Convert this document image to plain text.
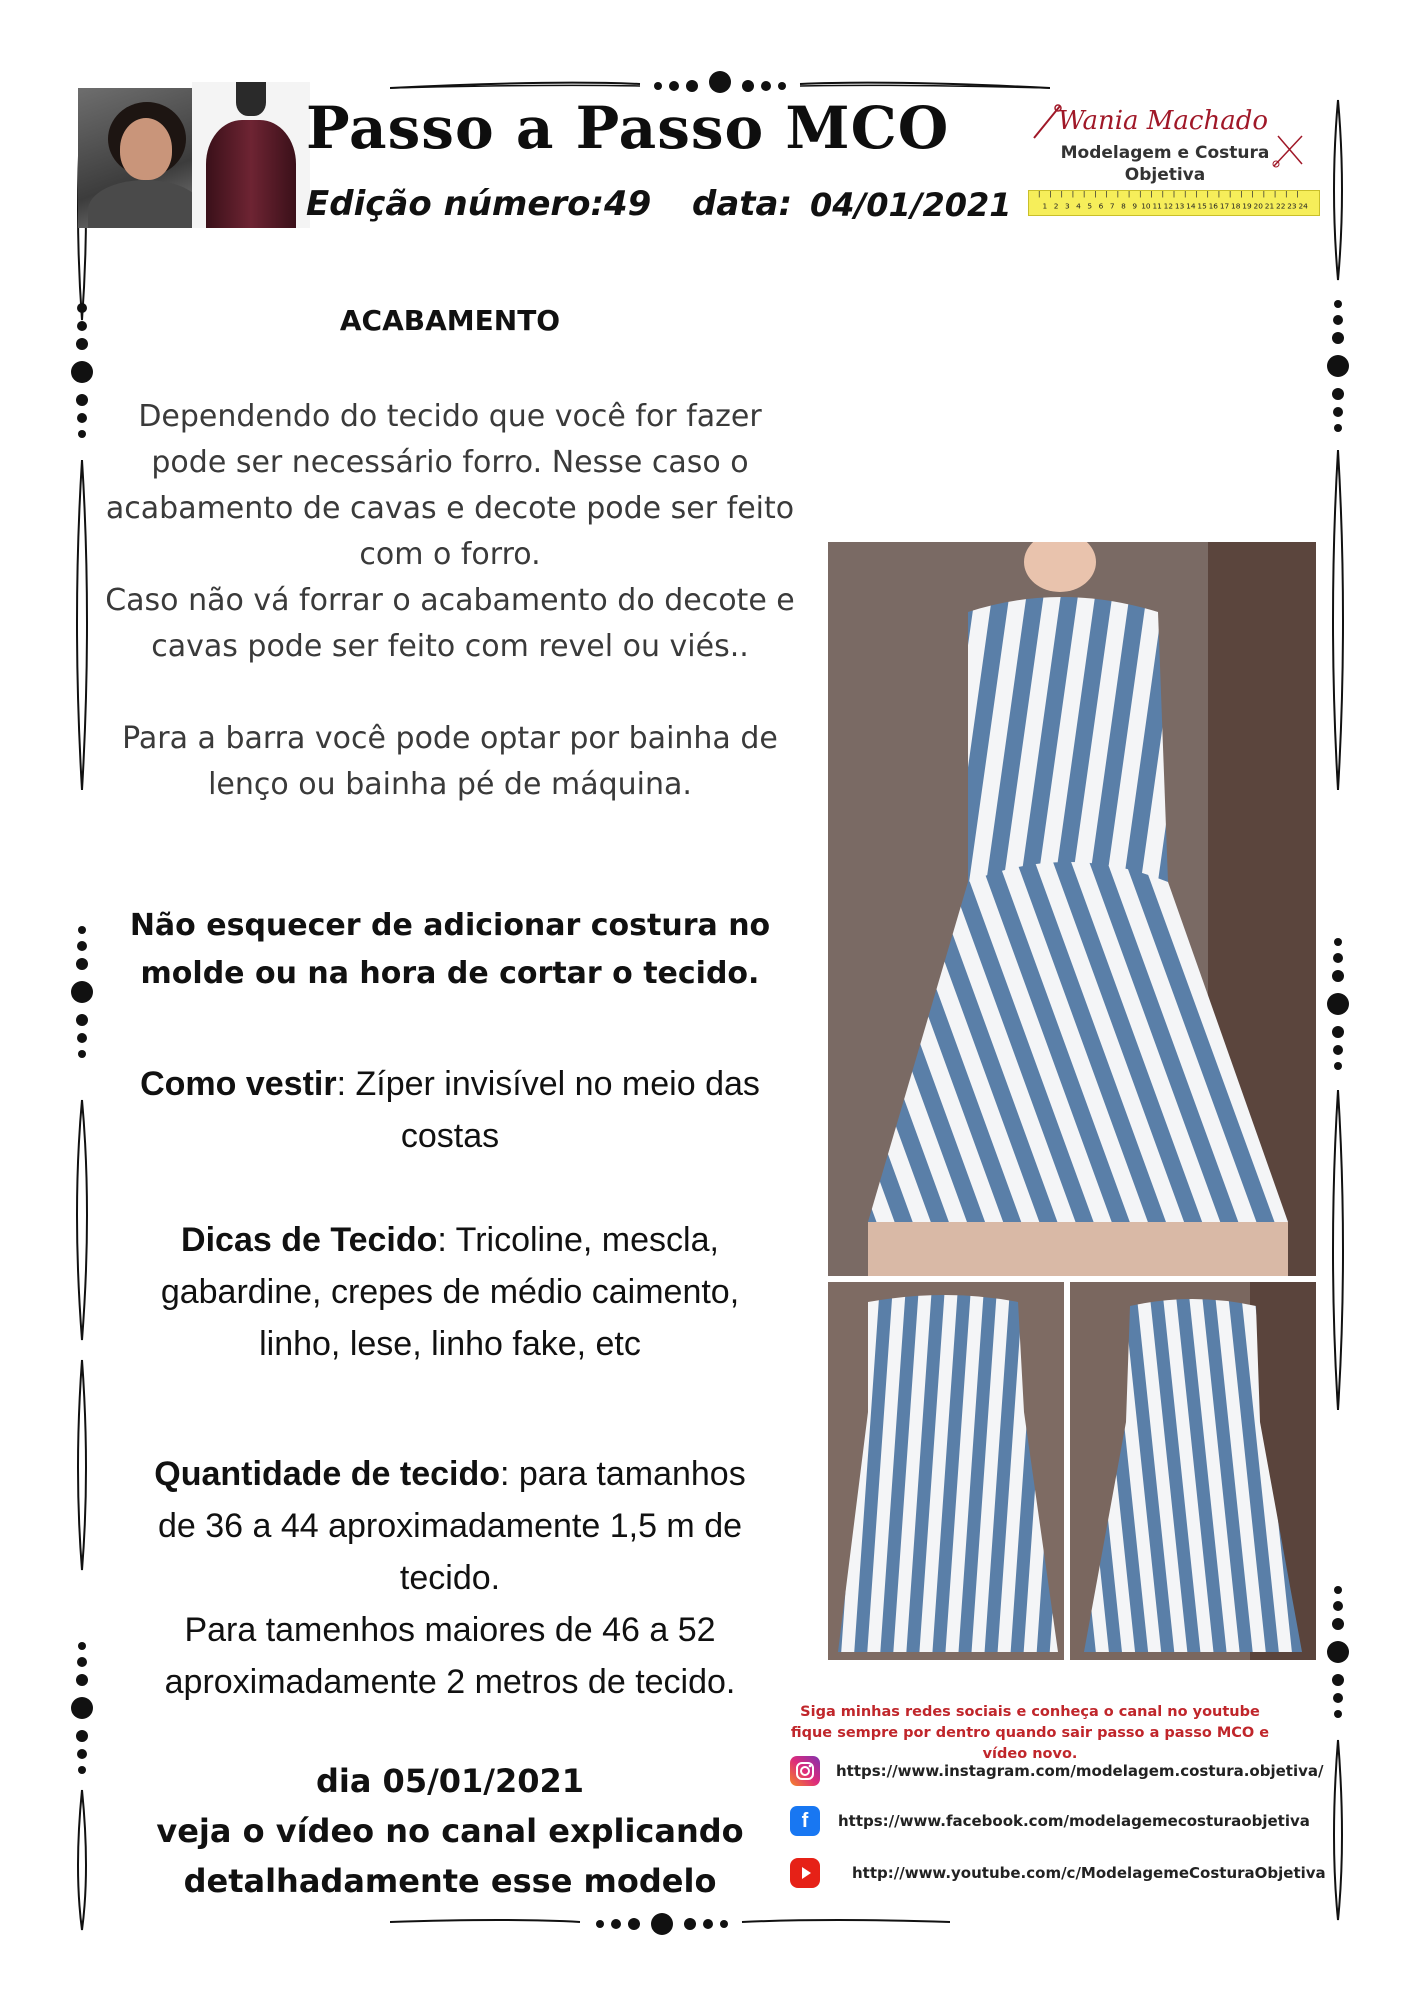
Passo a Passo MCO
Edição número: 49 data: 04/01/2021
Wania Machado
Modelagem e Costura
Objetiva
1 2 3 4 5 6 7 8 9 10 11 12 13 14 15 16 17 18 19 20 21 22 23 24
ACABAMENTO
Dependendo do tecido que você for fazer
pode ser necessário forro. Nesse caso o
acabamento de cavas e decote pode ser feito
com o forro.
Caso não vá forrar o acabamento do decote e
cavas pode ser feito com revel ou viés..
Para a barra você pode optar por bainha de
lenço ou bainha pé de máquina.
Não esquecer de adicionar costura no
molde ou na hora de cortar o tecido.
Como vestir: Zíper invisível no meio das
costas
Dicas de Tecido: Tricoline, mescla,
gabardine, crepes de médio caimento,
linho, lese, linho fake, etc
Quantidade de tecido: para tamanhos
de 36 a 44 aproximadamente 1,5 m de
tecido.
Para tamenhos maiores de 46 a 52
aproximadamente 2 metros de tecido.
dia 05/01/2021
veja o vídeo no canal explicando
detalhadamente esse modelo
Siga minhas redes sociais e conheça o canal no youtube
fique sempre por dentro quando sair passo a passo MCO e vídeo novo.
https://www.instagram.com/modelagem.costura.objetiva/
f	https://www.facebook.com/modelagemecosturaobjetiva
http://www.youtube.com/c/ModelagemeCosturaObjetiva
